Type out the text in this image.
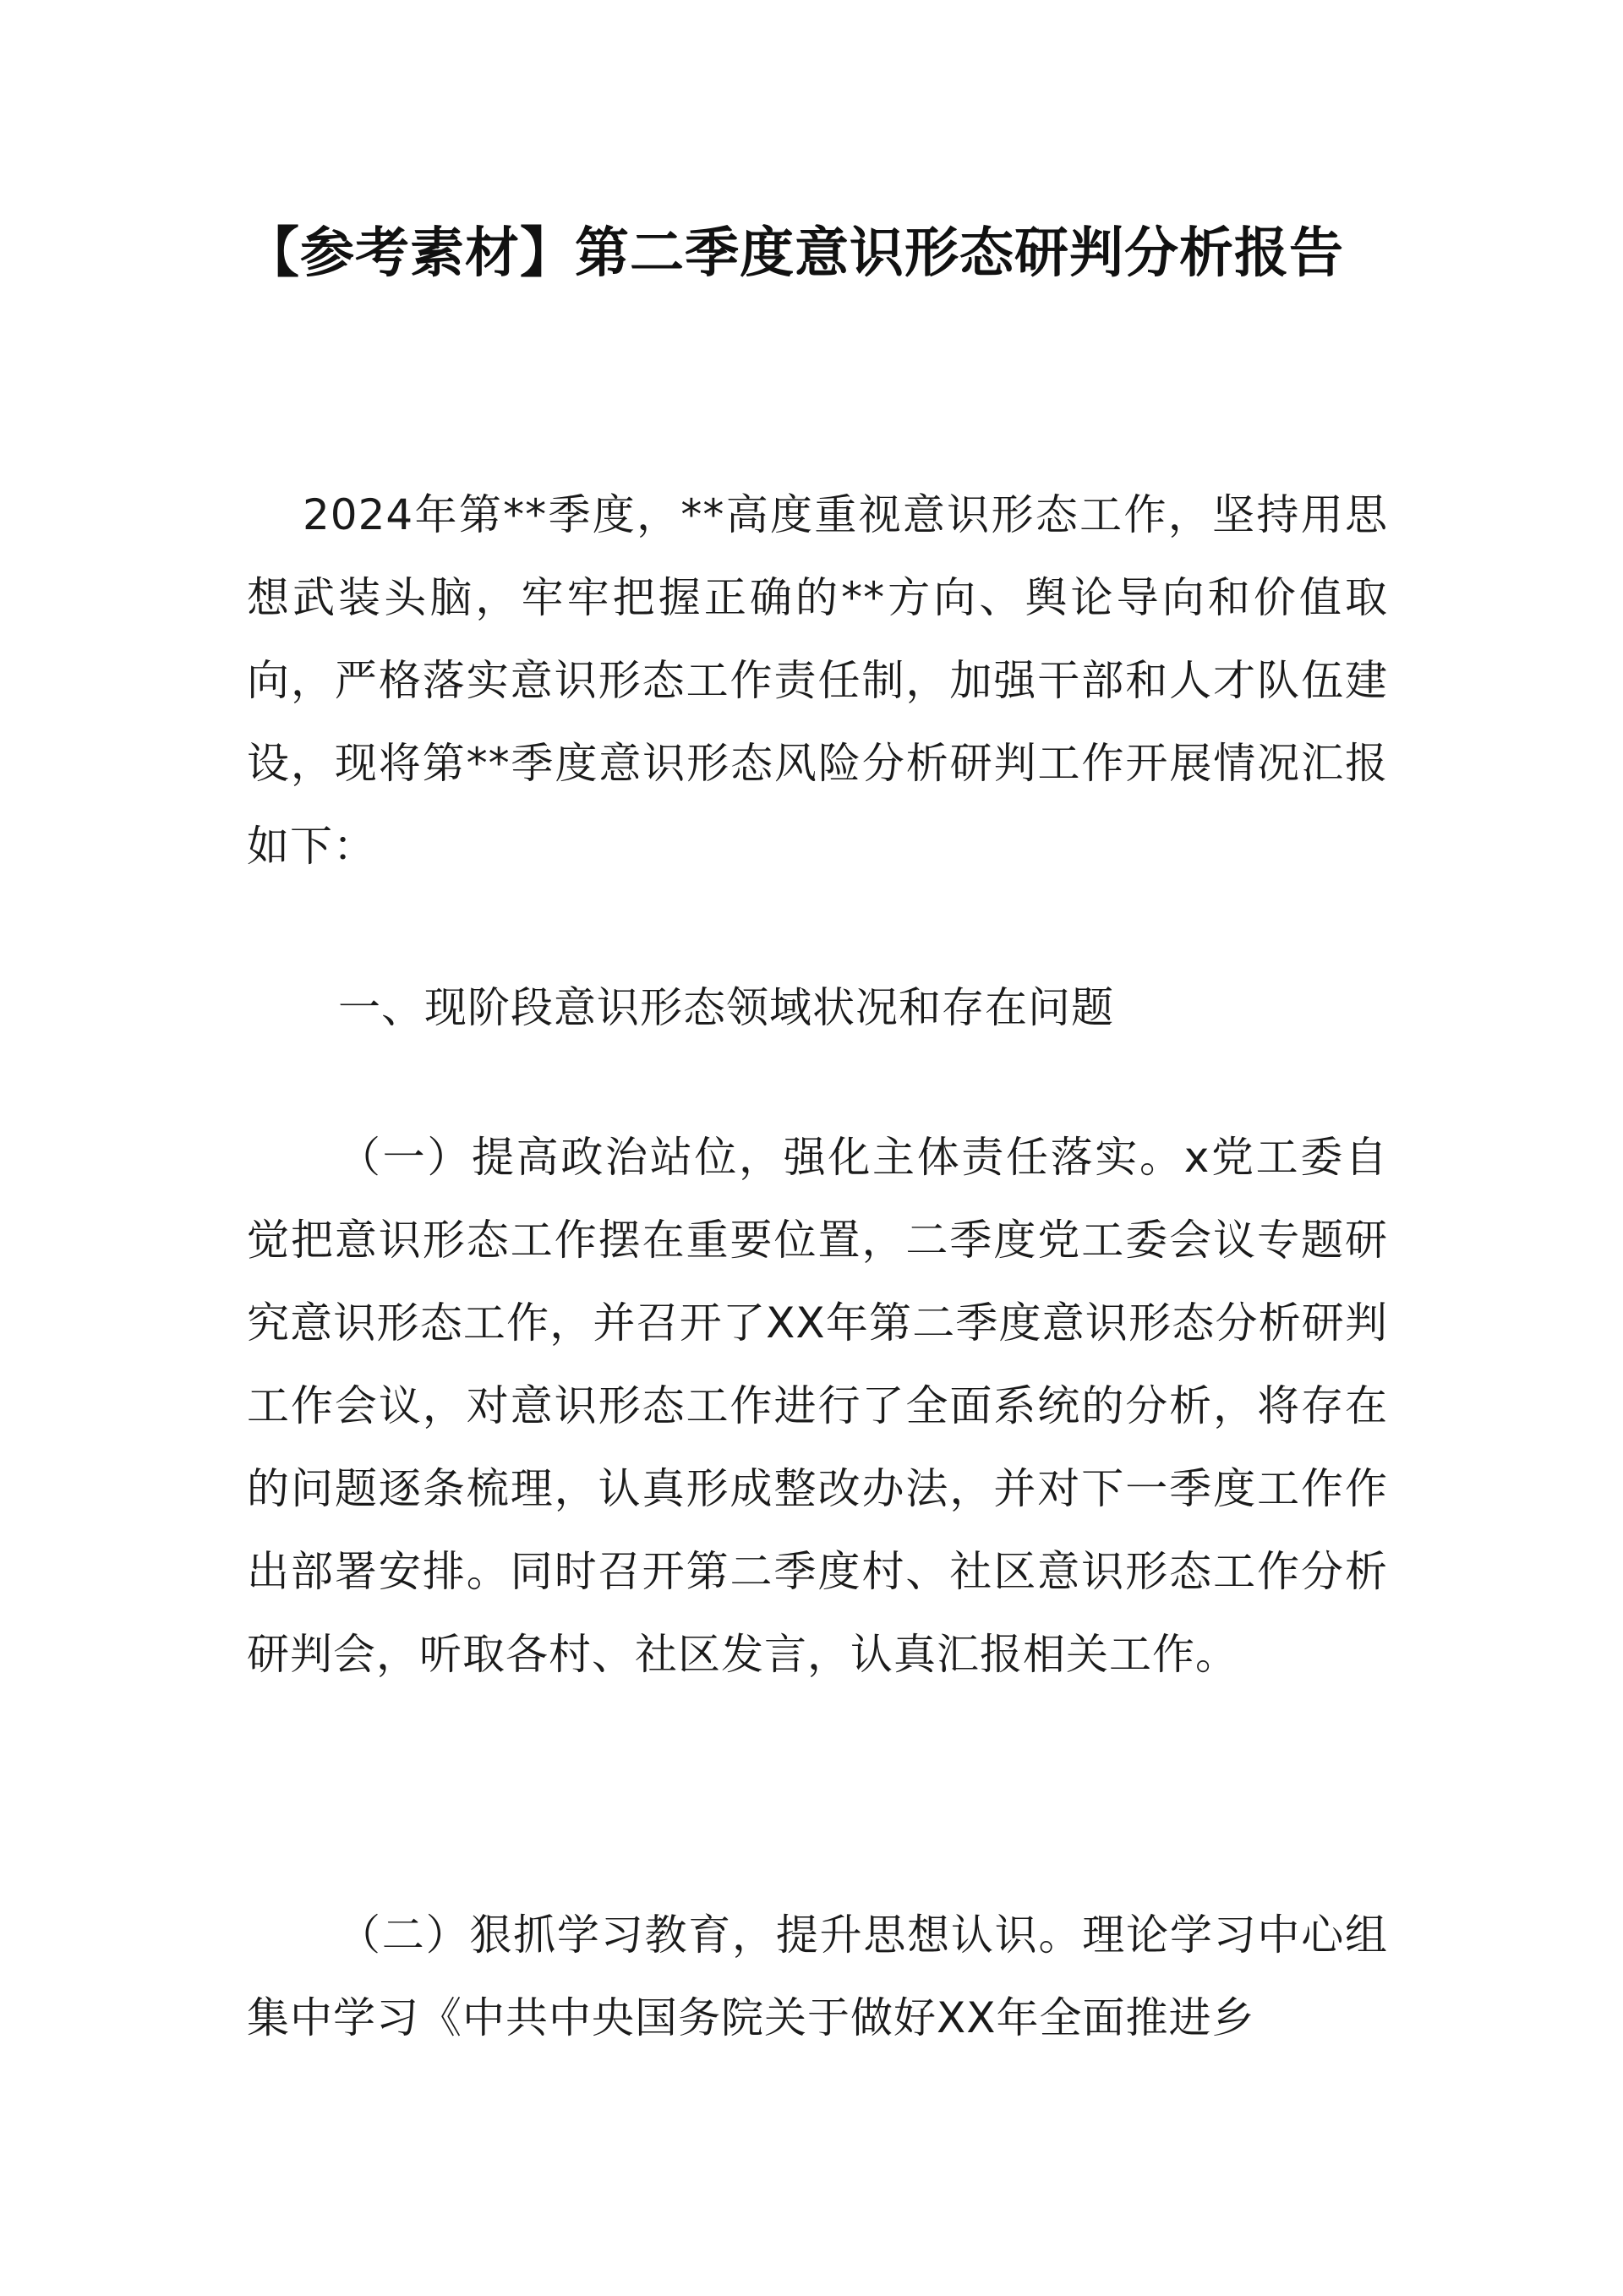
【参考素材】第二季度意识形态研判分析报告

2024年第**季度，**高度重视意识形态工作，坚持用思想武装头脑，牢牢把握正确的**方向、舆论导向和价值取向，严格落实意识形态工作责任制，加强干部和人才队伍建设，现将第**季度意识形态风险分析研判工作开展情况汇报如下：

一、现阶段意识形态领域状况和存在问题

（一）提高政治站位，强化主体责任落实。x党工委自觉把意识形态工作摆在重要位置，二季度党工委会议专题研究意识形态工作，并召开了XX年第二季度意识形态分析研判工作会议，对意识形态工作进行了全面系统的分析，将存在的问题逐条梳理，认真形成整改办法，并对下一季度工作作出部署安排。同时召开第二季度村、社区意识形态工作分析研判会，听取各村、社区发言，认真汇报相关工作。

（二）狠抓学习教育，提升思想认识。理论学习中心组集中学习《中共中央国务院关于做好XX年全面推进乡
